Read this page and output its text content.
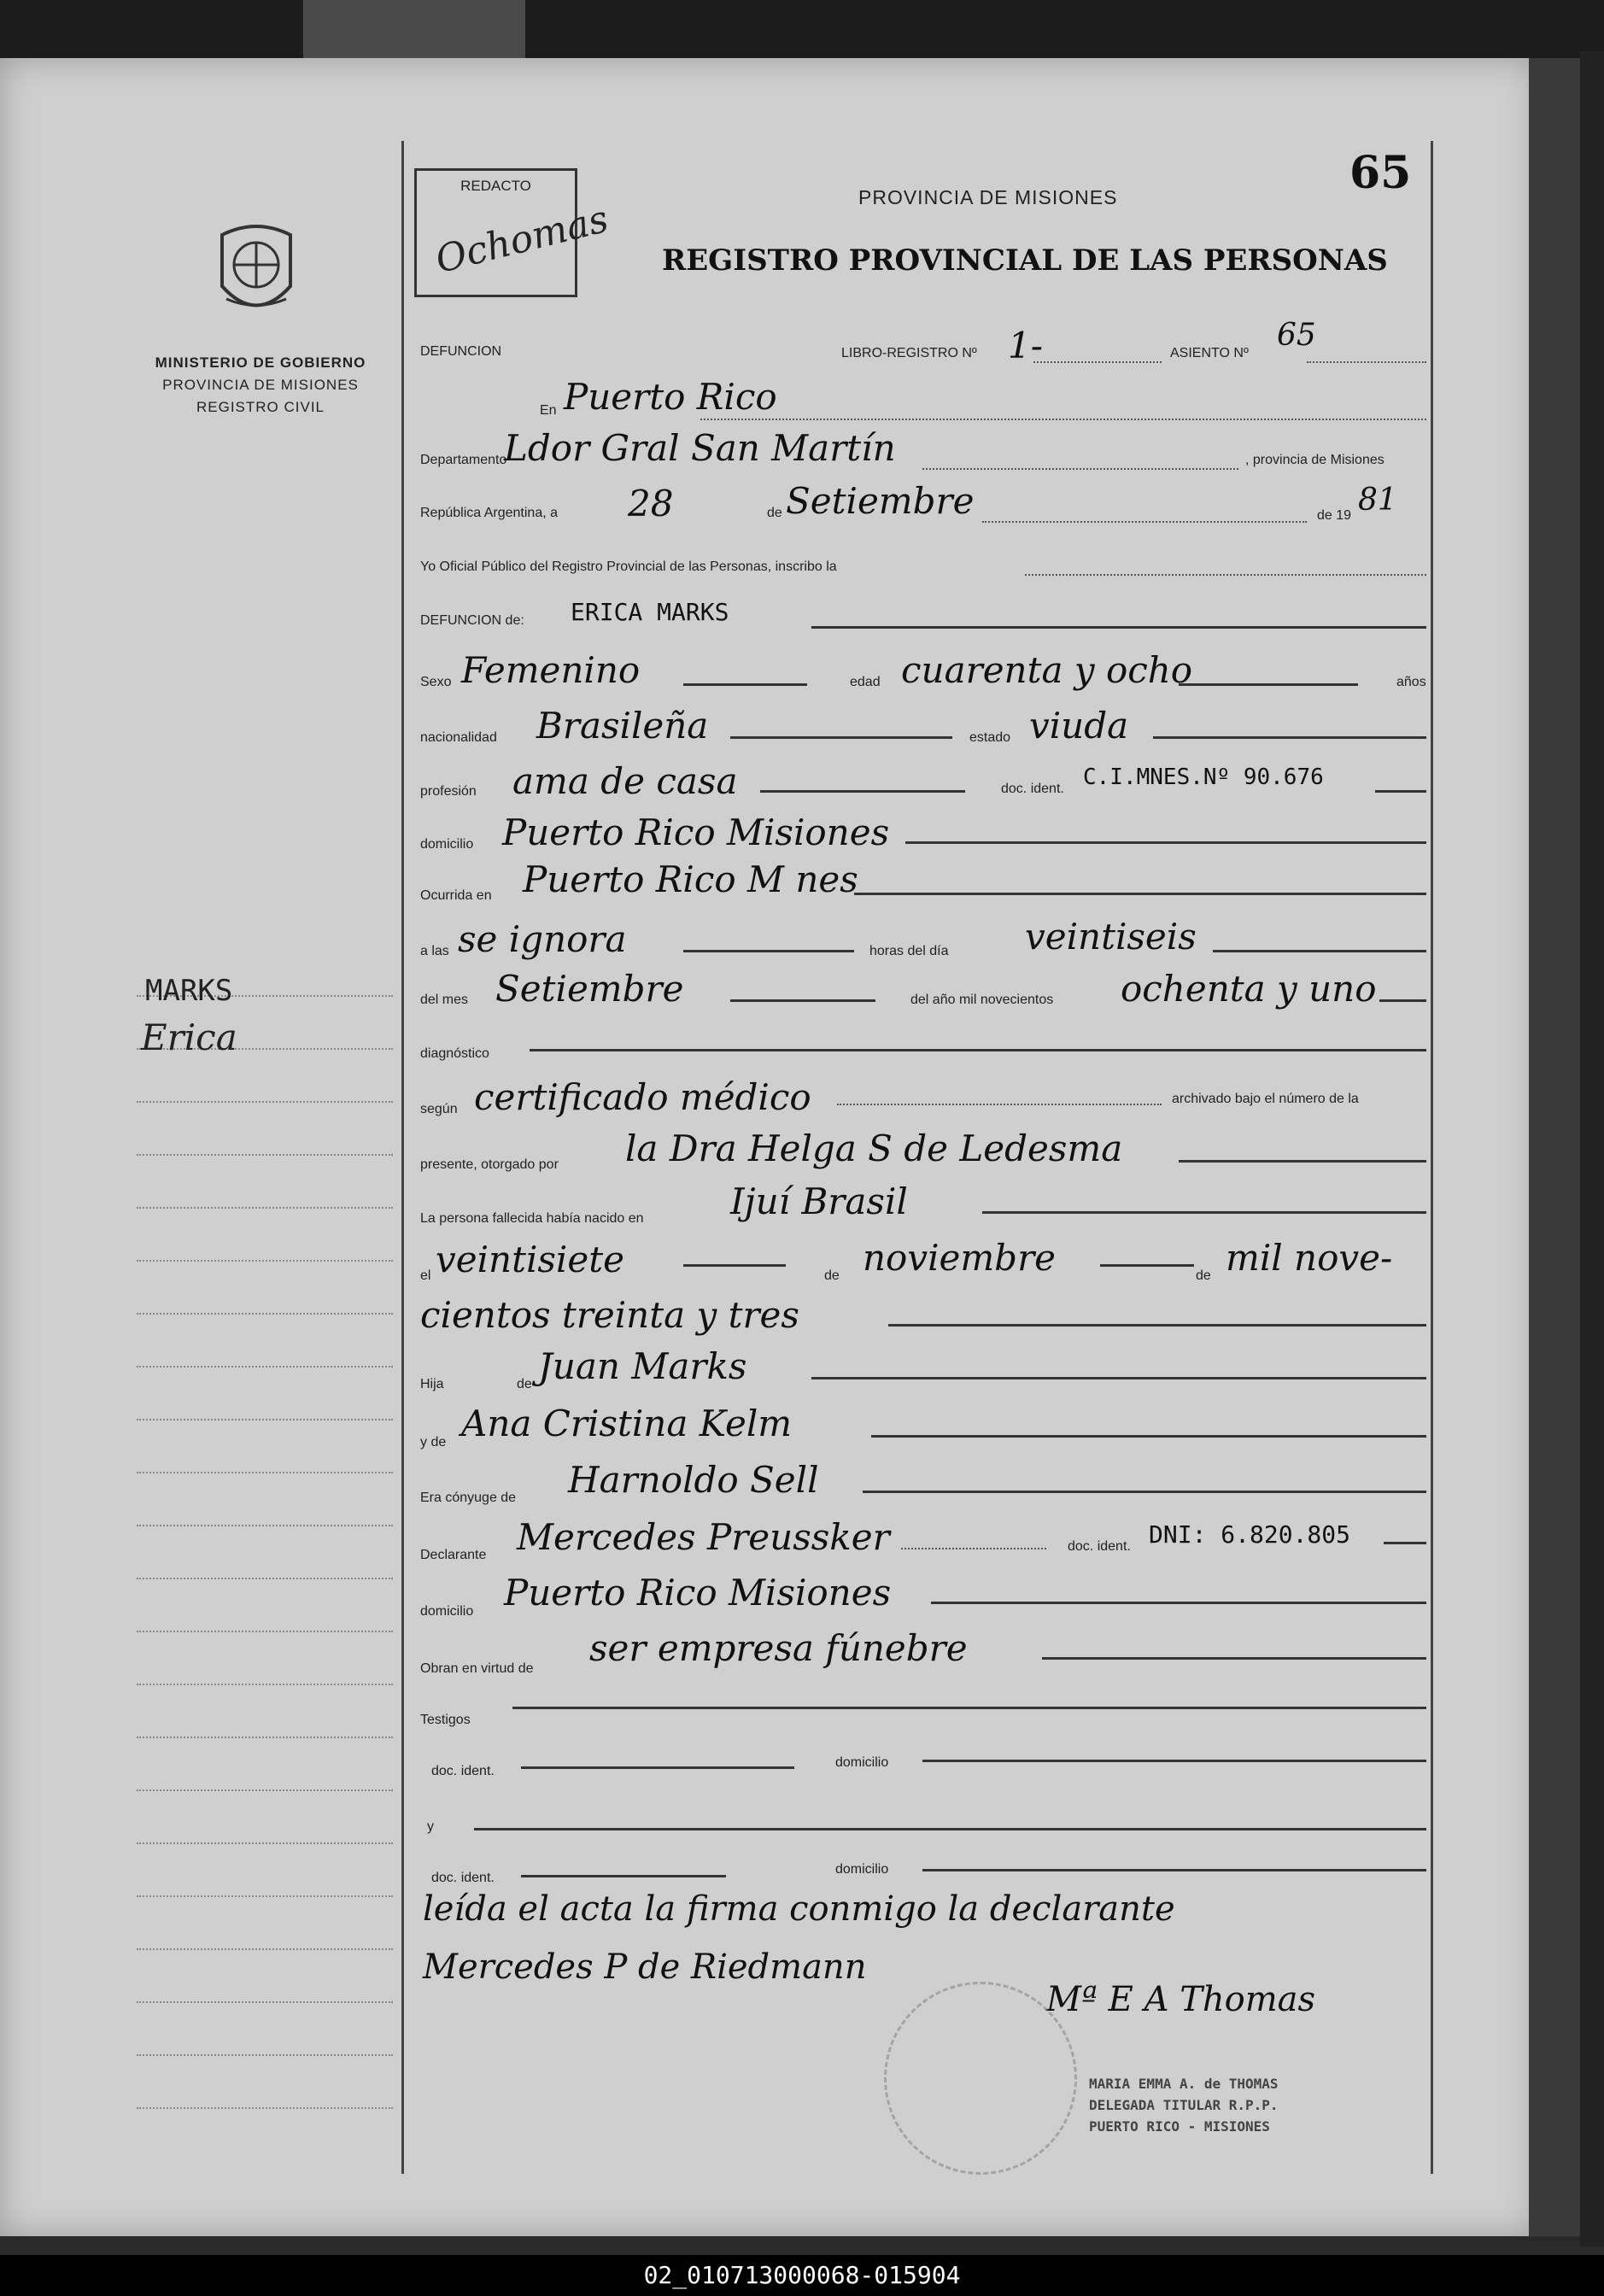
MINISTERIO DE GOBIERNO
PROVINCIA DE MISIONES
REGISTRO CIVIL
MARKS
Erica
REDACTO
Ochomas
65
PROVINCIA DE MISIONES
REGISTRO PROVINCIAL DE LAS PERSONAS
DEFUNCION	LIBRO-REGISTRO Nº 1-	ASIENTO Nº
65
En Puerto Rico
Departamento
Ldor Gral San Martín	, provincia de Misiones
República Argentina, a 28	de Setiembre	de 19 81
Yo Oficial Público del Registro Provincial de las Personas, inscribo la
DEFUNCION de: ERICA MARKS
Sexo Femenino	edad cuarenta y ocho	años
nacionalidad Brasileña	estado viuda
profesión ama de casa	doc. ident. C.I.MNES.Nº 90.676
domicilio Puerto Rico Misiones
Ocurrida en Puerto Rico M nes
a las se ignora	horas del día veintiseis
del mes Setiembre	del año mil novecientos ochenta y uno
diagnóstico
según certificado médico	archivado bajo el número de la
presente, otorgado por la Dra Helga S de Ledesma
La persona fallecida había nacido en Ijuí Brasil
el veintisiete	de noviembre	de mil nove-
cientos treinta y tres
Hija	de Juan Marks
y de Ana Cristina Kelm
Era cónyuge de Harnoldo Sell
Declarante Mercedes Preussker	doc. ident. DNI: 6.820.805
domicilio Puerto Rico Misiones
Obran en virtud de ser empresa fúnebre
Testigos
doc. ident.
domicilio
y
doc. ident.
domicilio
leída el acta la firma conmigo la declarante
Mercedes P de Riedmann
Mª E A Thomas
MARIA EMMA A. de THOMAS
DELEGADA TITULAR R.P.P.
PUERTO RICO - MISIONES
02_010713000068-015904
